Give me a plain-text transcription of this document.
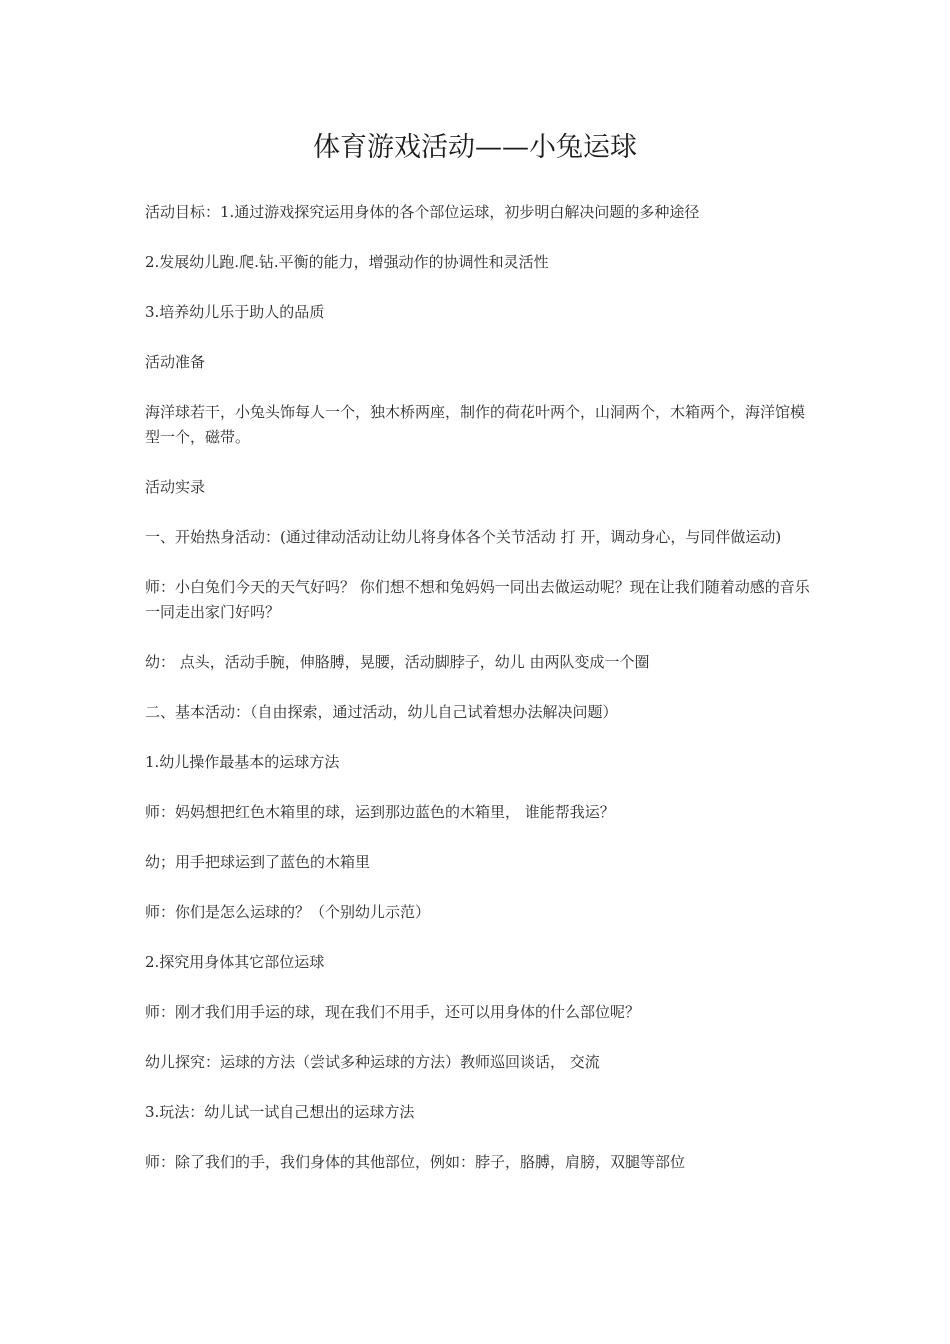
体育游戏活动——小兔运球

活动目标：1.通过游戏探究运用身体的各个部位运球，初步明白解决问题的多种途径

2.发展幼儿跑.爬.钻.平衡的能力，增强动作的协调性和灵活性

3.培养幼儿乐于助人的品质

活动准备

海洋球若干，小兔头饰每人一个，独木桥两座，制作的荷花叶两个，山洞两个，木箱两个，海洋馆模型一个，磁带。

活动实录

一、开始热身活动：(通过律动活动让幼儿将身体各个关节活动 打 开，调动身心，与同伴做运动)

师：小白兔们今天的天气好吗？ 你们想不想和兔妈妈一同出去做运动呢？现在让我们随着动感的音乐一同走出家门好吗？

幼： 点头，活动手腕，伸胳膊，晃腰，活动脚脖子，幼儿 由两队变成一个圈

二、基本活动：（自由探索，通过活动，幼儿自己试着想办法解决问题）

1.幼儿操作最基本的运球方法

师：妈妈想把红色木箱里的球，运到那边蓝色的木箱里， 谁能帮我运？

幼；用手把球运到了蓝色的木箱里

师：你们是怎么运球的？（个别幼儿示范）

2.探究用身体其它部位运球

师：刚才我们用手运的球，现在我们不用手，还可以用身体的什么部位呢？

幼儿探究：运球的方法（尝试多种运球的方法）教师巡回谈话， 交流

3.玩法：幼儿试一试自己想出的运球方法

师：除了我们的手，我们身体的其他部位，例如：脖子，胳膊，肩膀，双腿等部位
